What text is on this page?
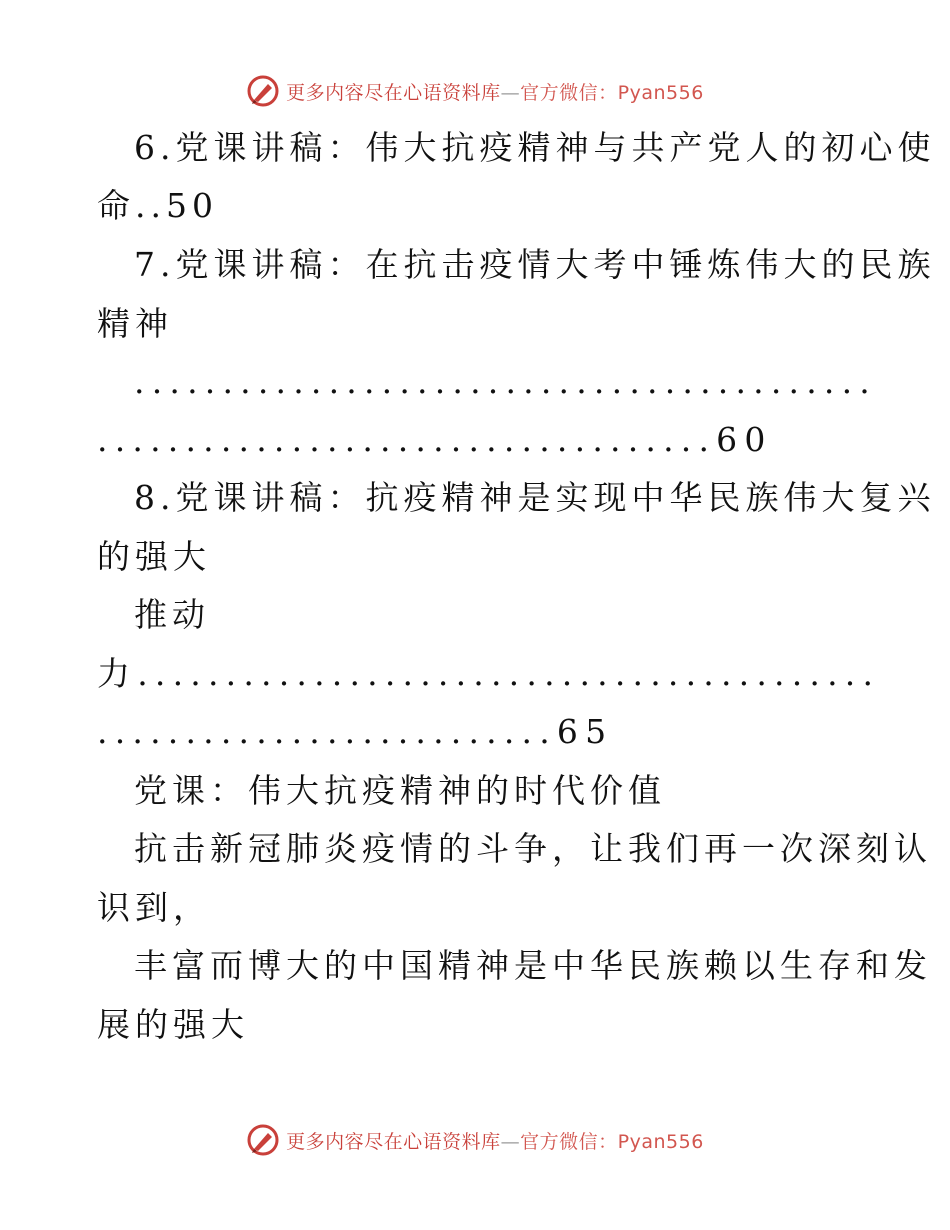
更多内容尽在心语资料库—官方微信：Pyan556
6.党课讲稿：伟大抗疫精神与共产党人的初心使
命..50
7.党课讲稿：在抗击疫情大考中锤炼伟大的民族
精神
..........................................
...................................60
8.党课讲稿：抗疫精神是实现中华民族伟大复兴
的强大
推动
力..........................................
..........................65
党课：伟大抗疫精神的时代价值
抗击新冠肺炎疫情的斗争，让我们再一次深刻认
识到，
丰富而博大的中国精神是中华民族赖以生存和发
展的强大
更多内容尽在心语资料库—官方微信：Pyan556
